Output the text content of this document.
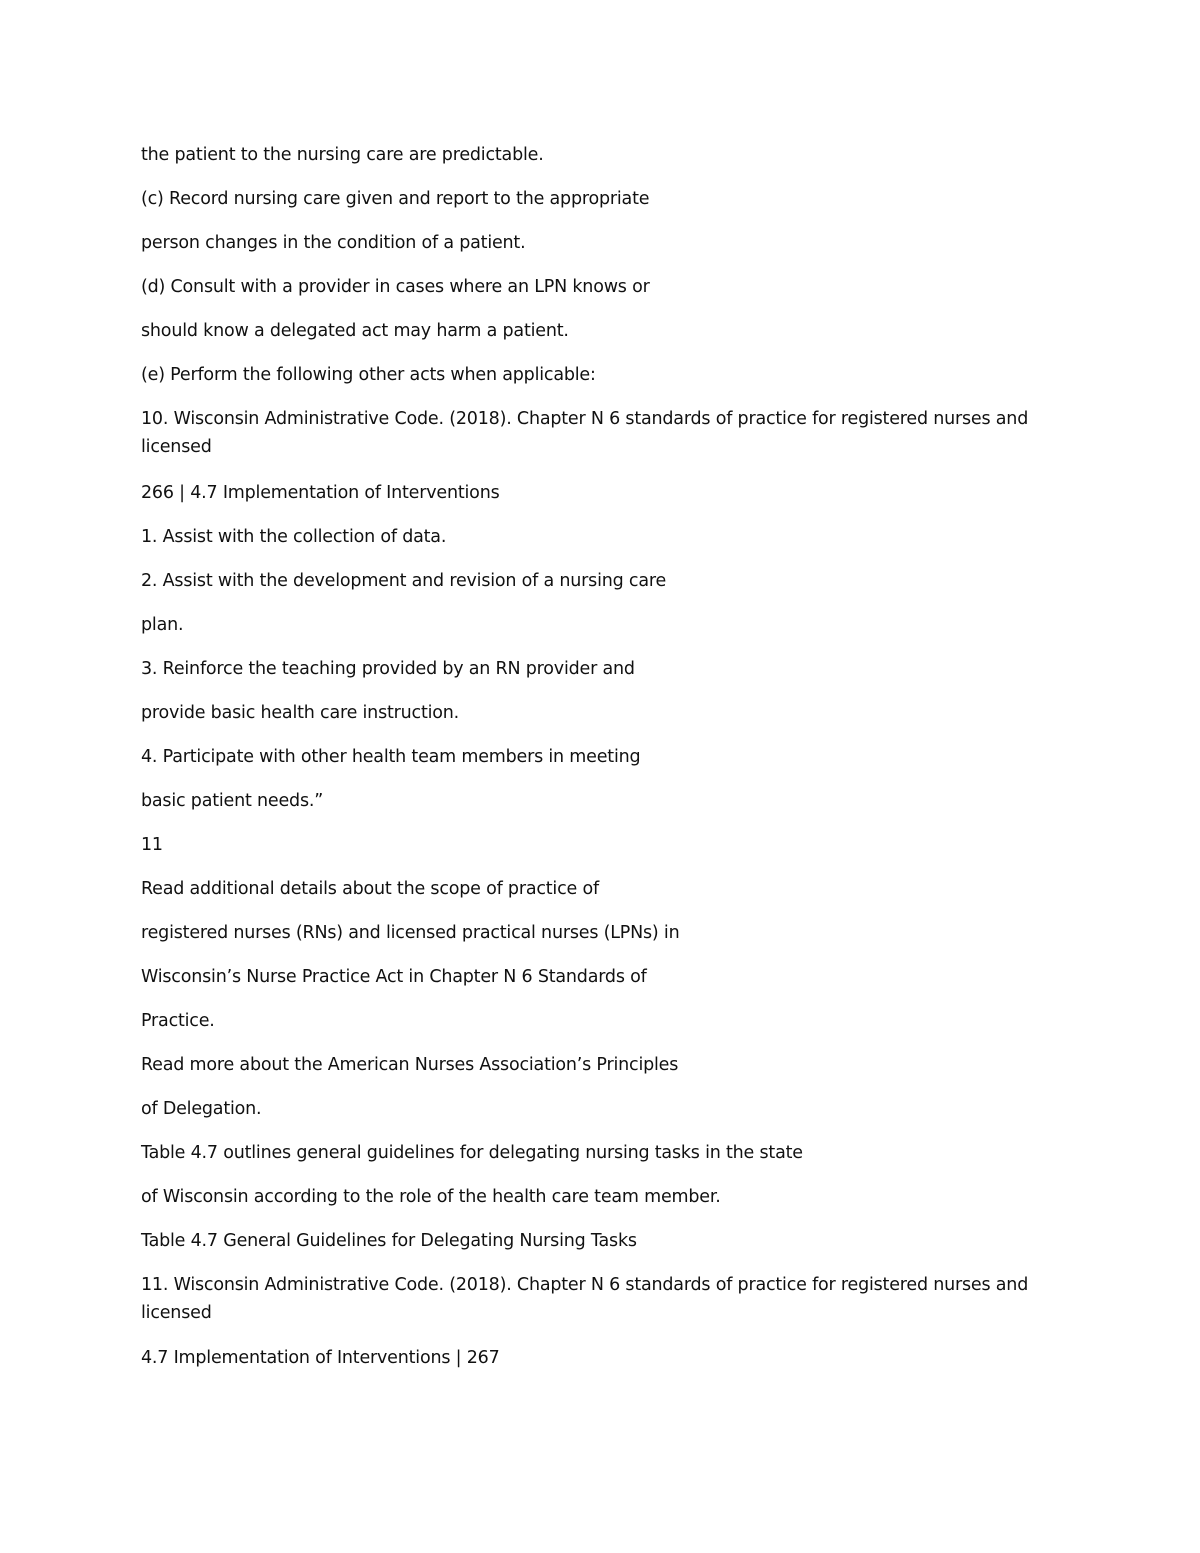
the patient to the nursing care are predictable.

(c) Record nursing care given and report to the appropriate

person changes in the condition of a patient.

(d) Consult with a provider in cases where an LPN knows or

should know a delegated act may harm a patient.

(e) Perform the following other acts when applicable:

10. Wisconsin Administrative Code. (2018). Chapter N 6 standards of practice for registered nurses and licensed

266 | 4.7 Implementation of Interventions

1. Assist with the collection of data.

2. Assist with the development and revision of a nursing care

plan.

3. Reinforce the teaching provided by an RN provider and

provide basic health care instruction.

4. Participate with other health team members in meeting

basic patient needs.”

11

Read additional details about the scope of practice of

registered nurses (RNs) and licensed practical nurses (LPNs) in

Wisconsin’s Nurse Practice Act in Chapter N 6 Standards of

Practice.

Read more about the American Nurses Association’s Principles

of Delegation.

Table 4.7 outlines general guidelines for delegating nursing tasks in the state

of Wisconsin according to the role of the health care team member.

Table 4.7 General Guidelines for Delegating Nursing Tasks

11. Wisconsin Administrative Code. (2018). Chapter N 6 standards of practice for registered nurses and licensed

4.7 Implementation of Interventions | 267
